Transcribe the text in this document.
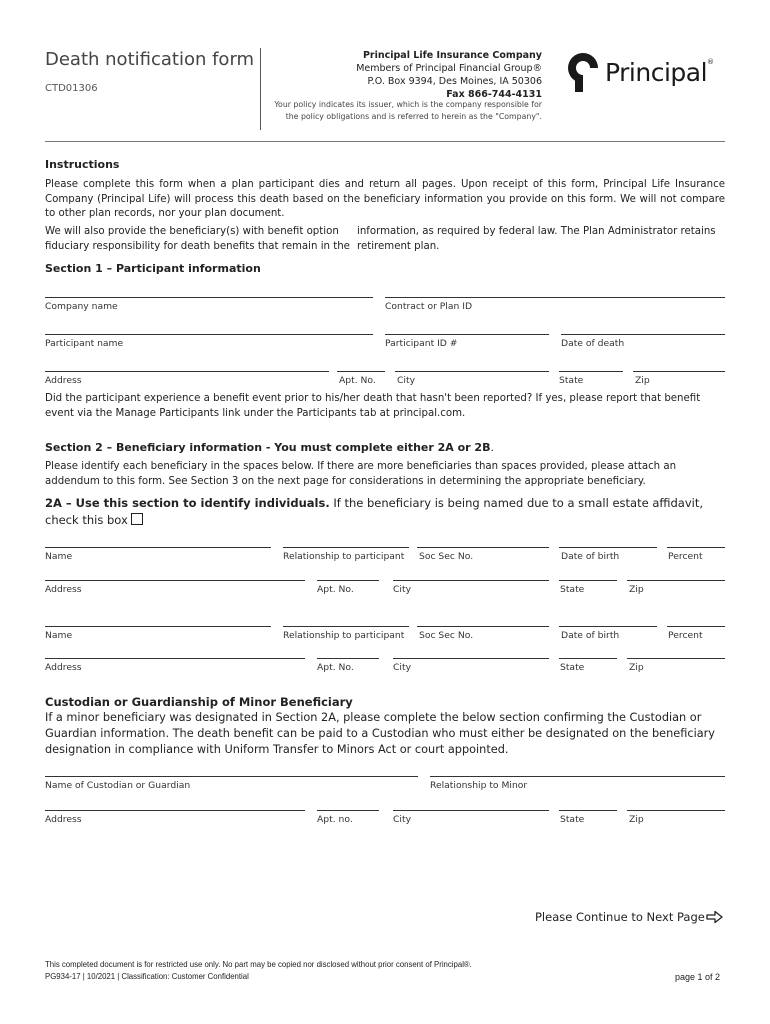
Death notification form
CTD01306
Principal Life Insurance Company
Members of Principal Financial Group®
P.O. Box 9394, Des Moines, IA 50306
Fax 866-744-4131
Your policy indicates its issuer, which is the company responsible for
the policy obligations and is referred to herein as the "Company".
Principal®
Instructions
Please complete this form when a plan participant dies and return all pages. Upon receipt of this form, Principal Life Insurance Company (Principal Life) will process this death based on the beneficiary information you provide on this form. We will not compare to other plan records, nor your plan document.
We will also provide the beneficiary(s) with benefit option fiduciary responsibility for death benefits that remain in the
information, as required by federal law. The Plan Administrator retains retirement plan.
Section 1 – Participant information
Company name	Contract or Plan ID
Participant name	Participant ID #	Date of death
Address	Apt. No. City	State	Zip
Did the participant experience a benefit event prior to his/her death that hasn't been reported? If yes, please report that benefit event via the Manage Participants link under the Participants tab at principal.com.
Section 2 – Beneficiary information - You must complete either 2A or 2B.
Please identify each beneficiary in the spaces below. If there are more beneficiaries than spaces provided, please attach an addendum to this form. See Section 3 on the next page for considerations in determining the appropriate beneficiary.
2A – Use this section to identify individuals. If the beneficiary is being named due to a small estate affidavit, check this box
Name	Relationship to participant Soc Sec No.	Date of birth	Percent
Address	Apt. No.	City	State	Zip
Name	Relationship to participant Soc Sec No.	Date of birth	Percent
Address	Apt. No.	City	State	Zip
Custodian or Guardianship of Minor Beneficiary
If a minor beneficiary was designated in Section 2A, please complete the below section confirming the Custodian or Guardian information. The death benefit can be paid to a Custodian who must either be designated on the beneficiary designation in compliance with Uniform Transfer to Minors Act or court appointed.
Name of Custodian or Guardian	Relationship to Minor
Address	Apt. no.	City	State	Zip
Please Continue to Next Page
This completed document is for restricted use only. No part may be copied nor disclosed without prior consent of Principal®.
PG934-17 | 10/2021 | Classification: Customer Confidential	page 1 of 2
